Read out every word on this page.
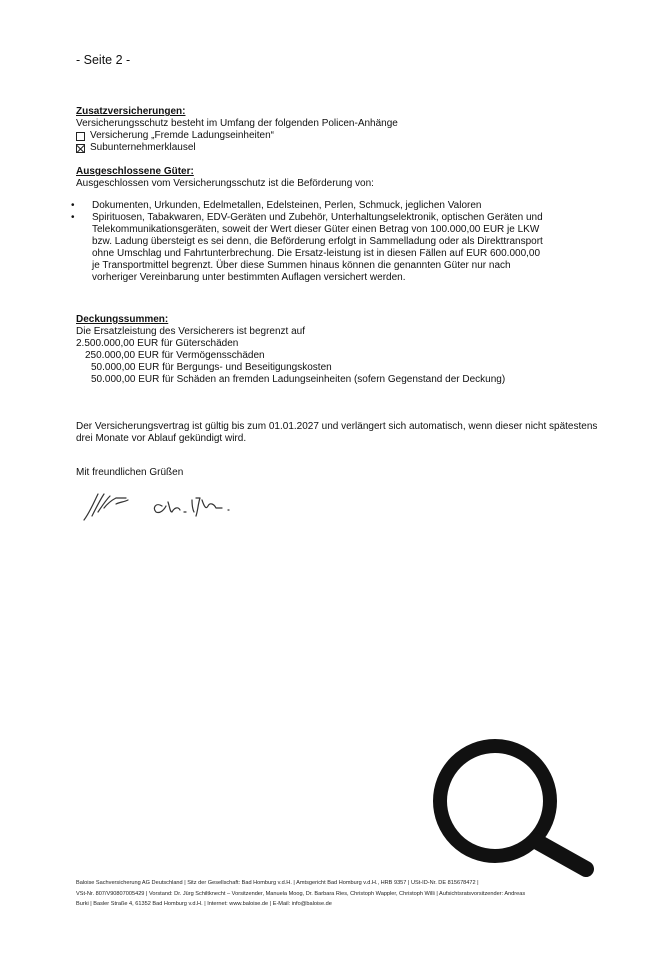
- Seite 2 -
Zusatzversicherungen:
Versicherungsschutz besteht im Umfang der folgenden Policen-Anhänge
Versicherung „Fremde Ladungseinheiten“
Subunternehmerklausel
Ausgeschlossene Güter:
Ausgeschlossen vom Versicherungsschutz ist die Beförderung von:
• Dokumenten, Urkunden, Edelmetallen, Edelsteinen, Perlen, Schmuck, jeglichen Valoren
• Spirituosen, Tabakwaren, EDV-Geräten und Zubehör, Unterhaltungselektronik, optischen Geräten und Telekommunikationsgeräten, soweit der Wert dieser Güter einen Betrag von 100.000,00 EUR je LKW bzw. Ladung übersteigt es sei denn, die Beförderung erfolgt in Sammelladung oder als Direkttransport ohne Umschlag und Fahrtunterbrechung. Die Ersatz-leistung ist in diesen Fällen auf EUR 600.000,00 je Transportmittel begrenzt. Über diese Summen hinaus können die genannten Güter nur nach vorheriger Vereinbarung unter bestimmten Auflagen versichert werden.
Deckungssummen:
Die Ersatzleistung des Versicherers ist begrenzt auf
2.500.000,00 EUR für Güterschäden
250.000,00 EUR für Vermögensschäden
50.000,00 EUR für Bergungs- und Beseitigungskosten
50.000,00 EUR für Schäden an fremden Ladungseinheiten (sofern Gegenstand der Deckung)
Der Versicherungsvertrag ist gültig bis zum 01.01.2027 und verlängert sich automatisch, wenn dieser nicht spätestens
drei Monate vor Ablauf gekündigt wird.
Mit freundlichen Grüßen
Baloise Sachversicherung AG Deutschland | Sitz der Gesellschaft: Bad Homburg v.d.H. | Amtsgericht Bad Homburg v.d.H., HRB 9357 | USt-ID-Nr. DE 815678472 |
VSt-Nr. 807/V90807005429 | Vorstand: Dr. Jürg Schiltknecht – Vorsitzender, Manuela Moog, Dr. Barbara Ries, Christoph Wappler, Christoph Willi | Aufsichtsratsvorsitzender: Andreas
Burki | Basler Straße 4, 61352 Bad Homburg v.d.H. | Internet: www.baloise.de | E-Mail: info@baloise.de
